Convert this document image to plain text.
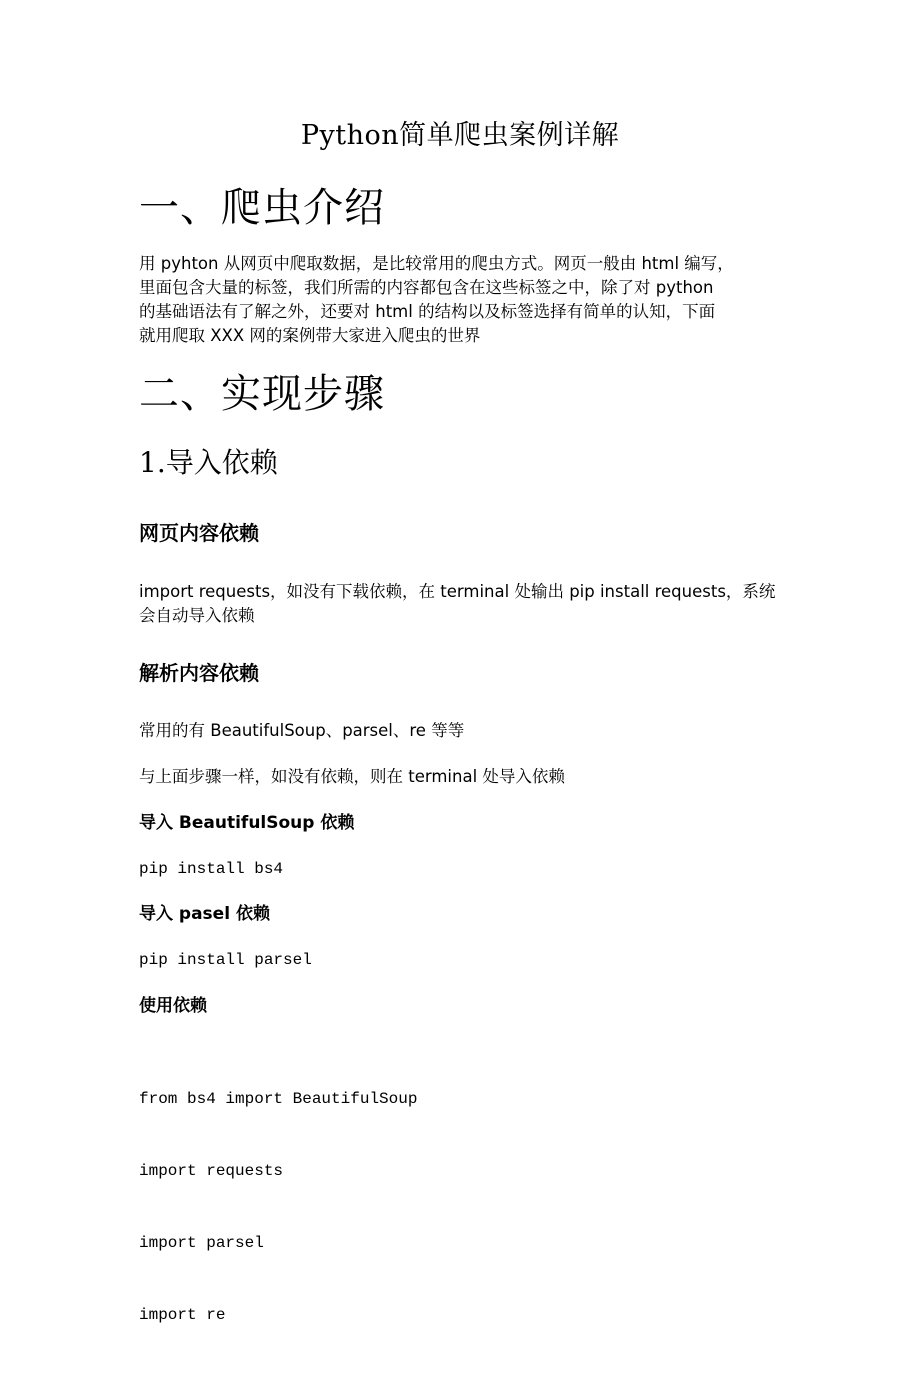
Python简单爬虫案例详解
一、爬虫介绍
用 pyhton 从网页中爬取数据，是比较常用的爬虫方式。网页一般由 html 编写，
里面包含大量的标签，我们所需的内容都包含在这些标签之中，除了对 python
的基础语法有了解之外，还要对 html 的结构以及标签选择有简单的认知，下面
就用爬取 XXX 网的案例带大家进入爬虫的世界
二、实现步骤
1.导入依赖
网页内容依赖
import requests，如没有下载依赖，在 terminal 处输出 pip install requests，系统
会自动导入依赖
解析内容依赖
常用的有 BeautifulSoup、parsel、re 等等
与上面步骤一样，如没有依赖，则在 terminal 处导入依赖
导入 BeautifulSoup 依赖
pip install bs4
导入 pasel 依赖
pip install parsel
使用依赖

from bs4 import BeautifulSoup

import requests

import parsel

import re
